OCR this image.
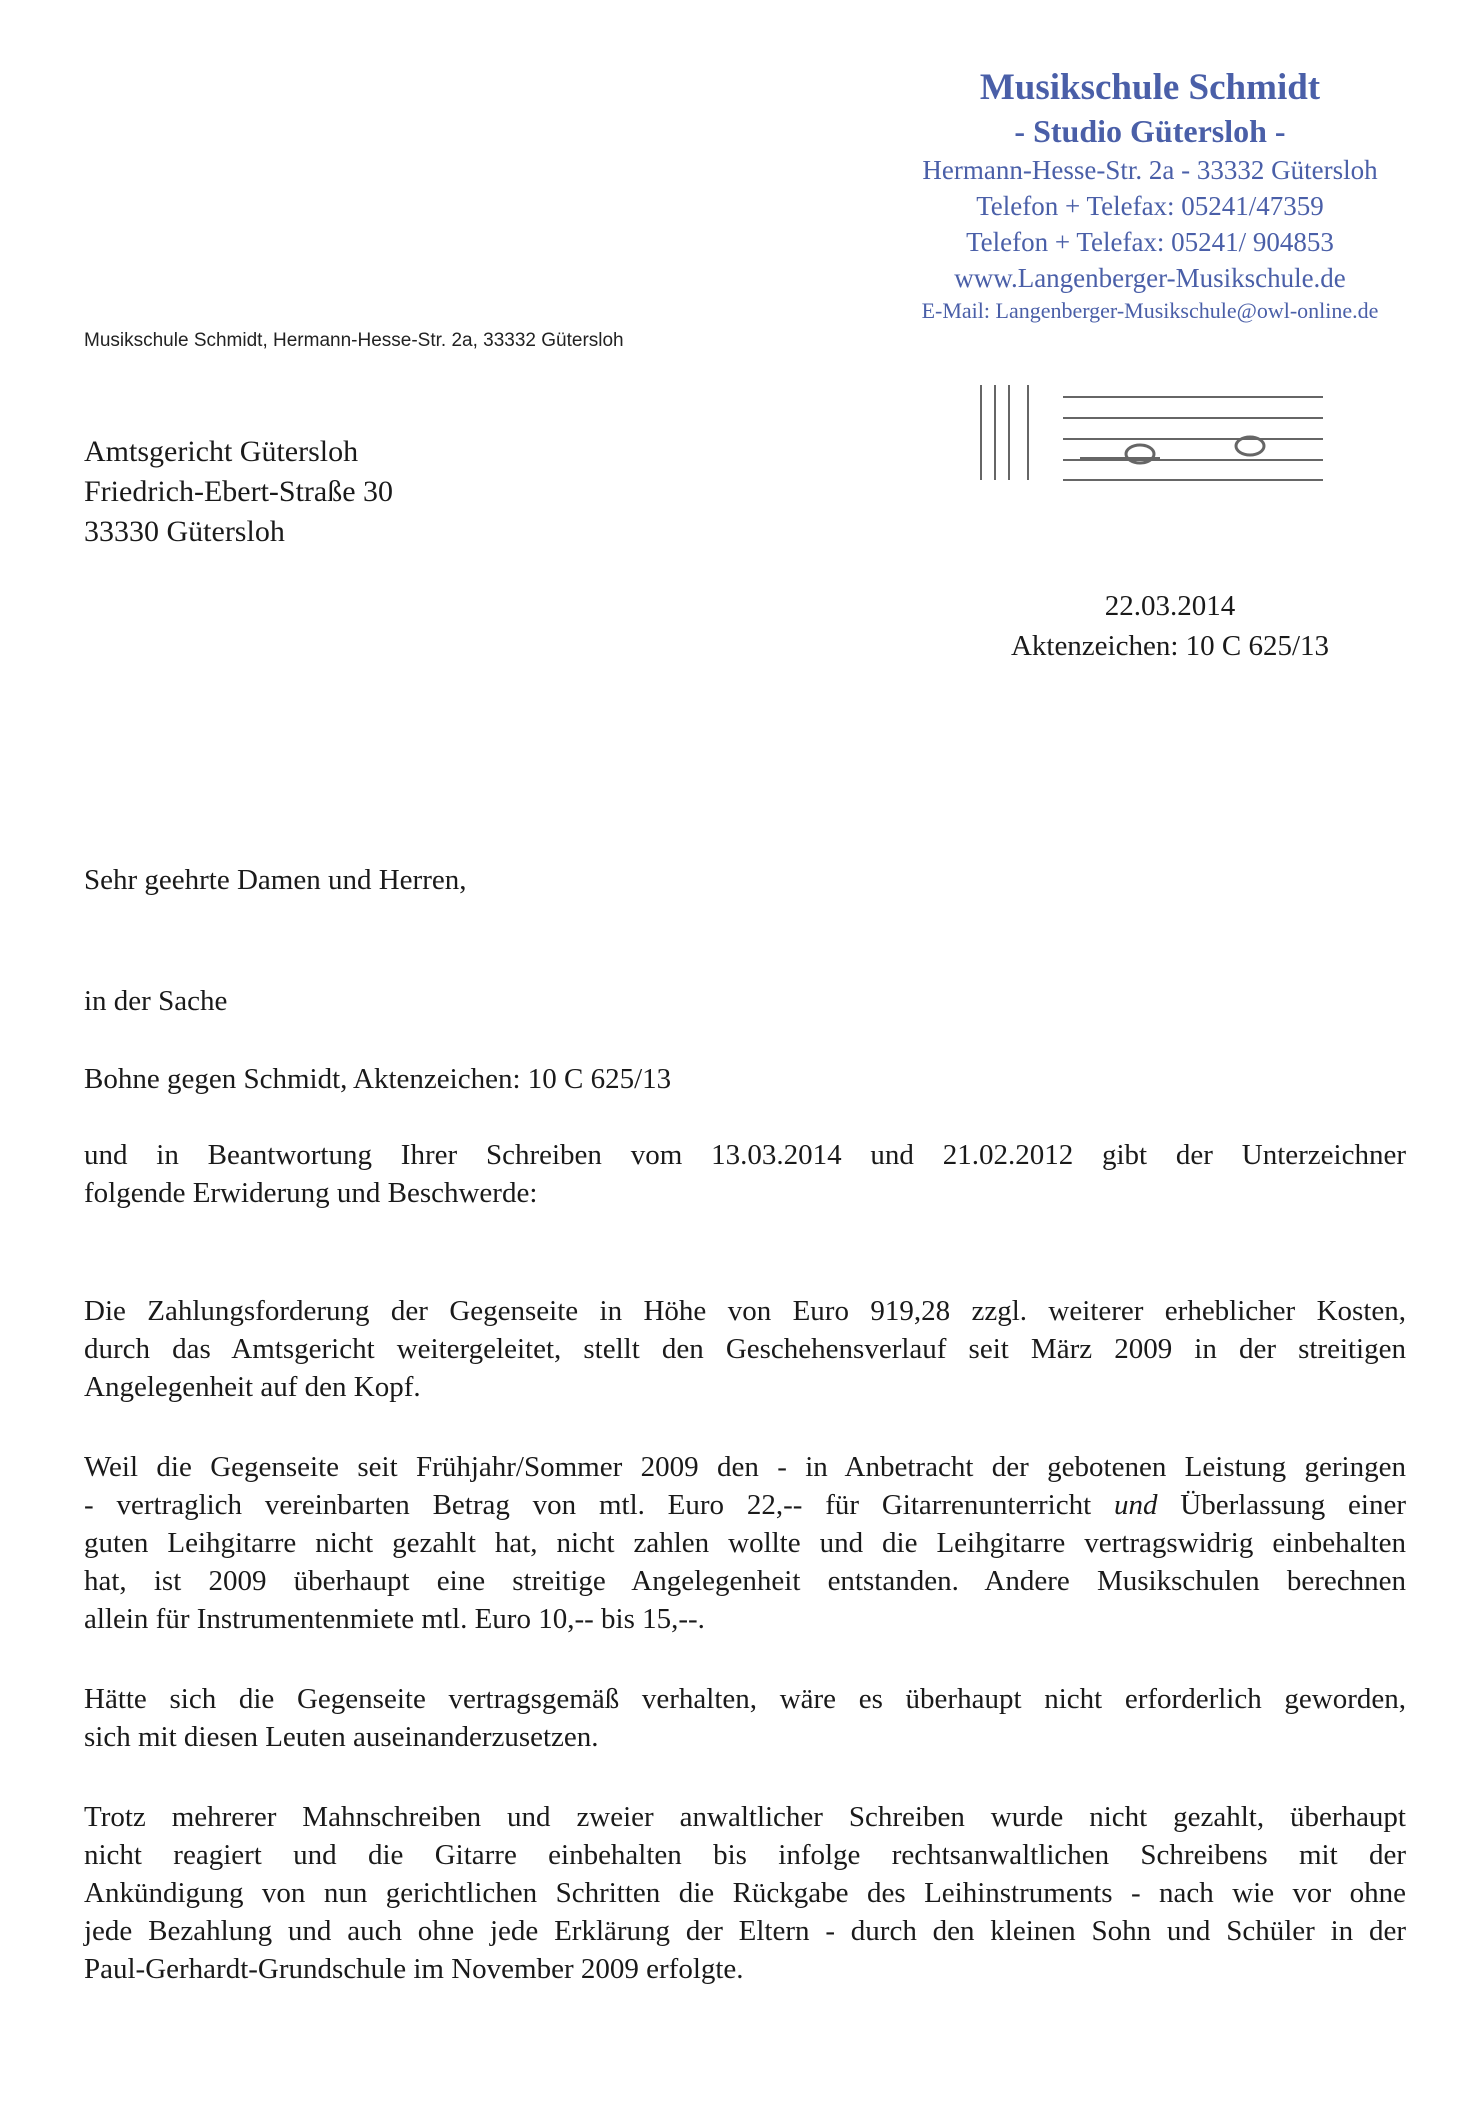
Musikschule Schmidt
- Studio Gütersloh -
Hermann-Hesse-Str. 2a - 33332 Gütersloh
Telefon + Telefax: 05241/47359
Telefon + Telefax: 05241/ 904853
www.Langenberger-Musikschule.de
E-Mail: Langenberger-Musikschule@owl-online.de
Musikschule Schmidt, Hermann-Hesse-Str. 2a, 33332 Gütersloh
Amtsgericht Gütersloh
Friedrich-Ebert-Straße 30
33330 Gütersloh
22.03.2014
Aktenzeichen: 10 C 625/13
Sehr geehrte Damen und Herren,
in der Sache
Bohne gegen Schmidt, Aktenzeichen: 10 C 625/13
und in Beantwortung Ihrer Schreiben vom 13.03.2014 und 21.02.2012 gibt der Unterzeichner
folgende Erwiderung und Beschwerde:
Die Zahlungsforderung der Gegenseite in Höhe von Euro 919,28 zzgl. weiterer erheblicher Kosten,
durch das Amtsgericht weitergeleitet, stellt den Geschehensverlauf seit März 2009 in der streitigen
Angelegenheit auf den Kopf.
Weil die Gegenseite seit Frühjahr/Sommer 2009 den - in Anbetracht der gebotenen Leistung geringen
- vertraglich vereinbarten Betrag von mtl. Euro 22,-- für Gitarrenunterricht und Überlassung einer
guten Leihgitarre nicht gezahlt hat, nicht zahlen wollte und die Leihgitarre vertragswidrig einbehalten
hat, ist 2009 überhaupt eine streitige Angelegenheit entstanden. Andere Musikschulen berechnen
allein für Instrumentenmiete mtl. Euro 10,-- bis 15,--.
Hätte sich die Gegenseite vertragsgemäß verhalten, wäre es überhaupt nicht erforderlich geworden,
sich mit diesen Leuten auseinanderzusetzen.
Trotz mehrerer Mahnschreiben und zweier anwaltlicher Schreiben wurde nicht gezahlt, überhaupt
nicht reagiert und die Gitarre einbehalten bis infolge rechtsanwaltlichen Schreibens mit der
Ankündigung von nun gerichtlichen Schritten die Rückgabe des Leihinstruments - nach wie vor ohne
jede Bezahlung und auch ohne jede Erklärung der Eltern - durch den kleinen Sohn und Schüler in der
Paul-Gerhardt-Grundschule im November 2009 erfolgte.
